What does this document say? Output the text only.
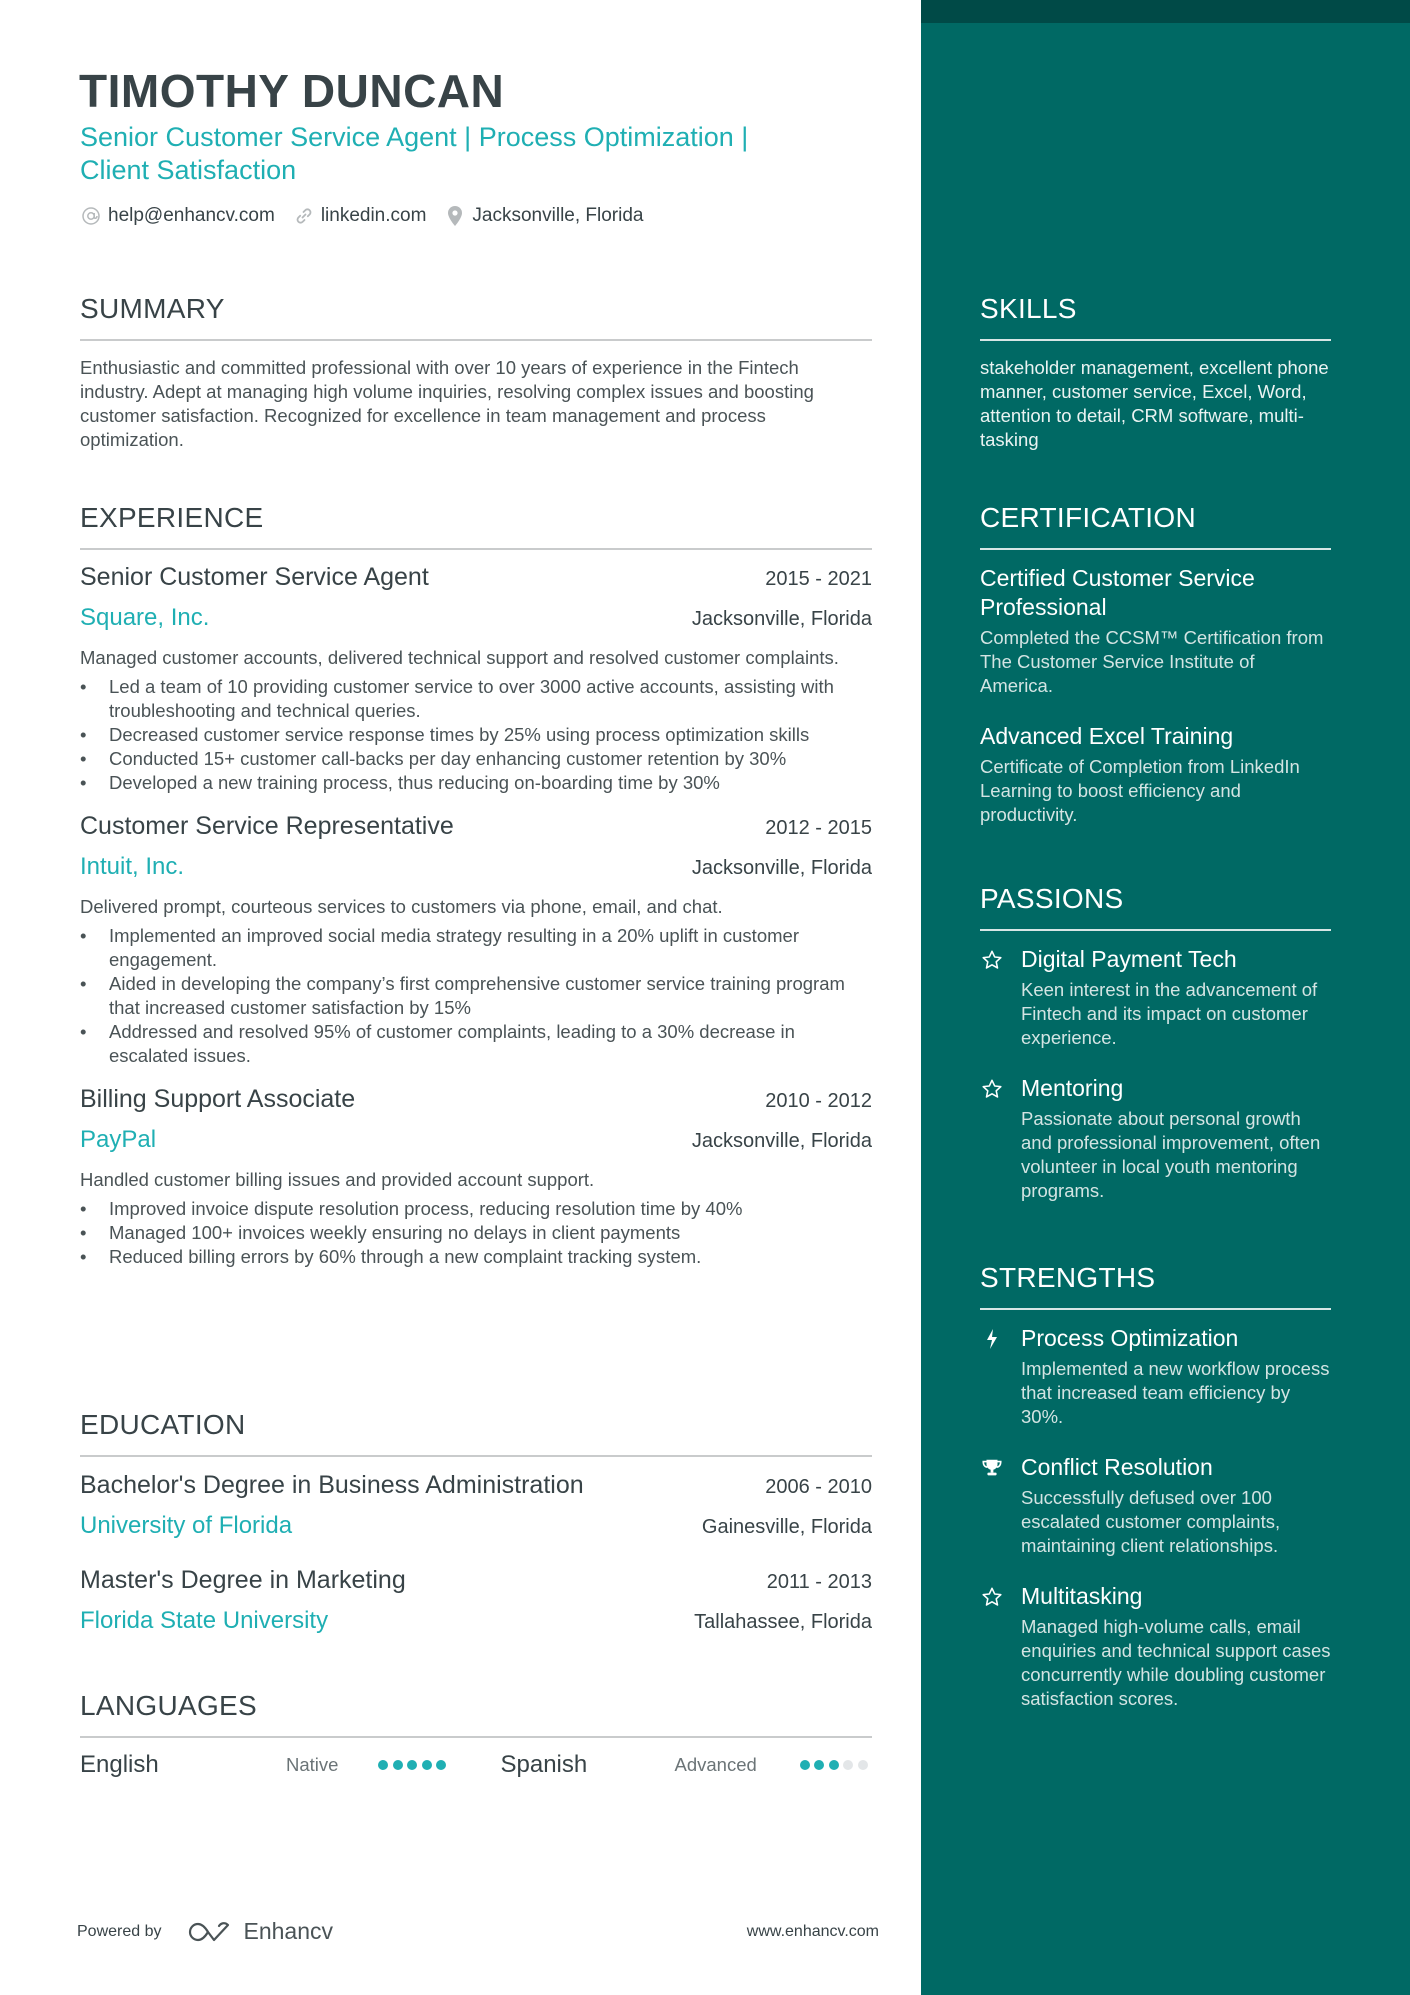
TIMOTHY DUNCAN
Senior Customer Service Agent | Process Optimization | Client Satisfaction
help@enhancv.com linkedin.com Jacksonville, Florida
SUMMARY
Enthusiastic and committed professional with over 10 years of experience in the Fintech industry. Adept at managing high volume inquiries, resolving complex issues and boosting customer satisfaction. Recognized for excellence in team management and process optimization.
EXPERIENCE
Senior Customer Service Agent	2015 - 2021
Square, Inc.	Jacksonville, Florida
Managed customer accounts, delivered technical support and resolved customer complaints.
• Led a team of 10 providing customer service to over 3000 active accounts, assisting with troubleshooting and technical queries.
• Decreased customer service response times by 25% using process optimization skills
• Conducted 15+ customer call-backs per day enhancing customer retention by 30%
• Developed a new training process, thus reducing on-boarding time by 30%
Customer Service Representative	2012 - 2015
Intuit, Inc.	Jacksonville, Florida
Delivered prompt, courteous services to customers via phone, email, and chat.
• Implemented an improved social media strategy resulting in a 20% uplift in customer engagement.
• Aided in developing the company’s first comprehensive customer service training program that increased customer satisfaction by 15%
• Addressed and resolved 95% of customer complaints, leading to a 30% decrease in escalated issues.
Billing Support Associate	2010 - 2012
PayPal	Jacksonville, Florida
Handled customer billing issues and provided account support.
• Improved invoice dispute resolution process, reducing resolution time by 40%
• Managed 100+ invoices weekly ensuring no delays in client payments
• Reduced billing errors by 60% through a new complaint tracking system.
EDUCATION
Bachelor's Degree in Business Administration	2006 - 2010
University of Florida	Gainesville, Florida
Master's Degree in Marketing	2011 - 2013
Florida State University	Tallahassee, Florida
LANGUAGES
English	Native	Spanish	Advanced
Powered by	Enhancv	www.enhancv.com
SKILLS
stakeholder management, excellent phone manner, customer service, Excel, Word, attention to detail, CRM software, multi-tasking
CERTIFICATION
Certified Customer Service Professional
Completed the CCSM™ Certification from The Customer Service Institute of America.
Advanced Excel Training
Certificate of Completion from LinkedIn Learning to boost efficiency and productivity.
PASSIONS
Digital Payment Tech
Keen interest in the advancement of Fintech and its impact on customer experience.
Mentoring
Passionate about personal growth and professional improvement, often volunteer in local youth mentoring programs.
STRENGTHS
Process Optimization
Implemented a new workflow process that increased team efficiency by 30%.
Conflict Resolution
Successfully defused over 100 escalated customer complaints, maintaining client relationships.
Multitasking
Managed high-volume calls, email enquiries and technical support cases concurrently while doubling customer satisfaction scores.
